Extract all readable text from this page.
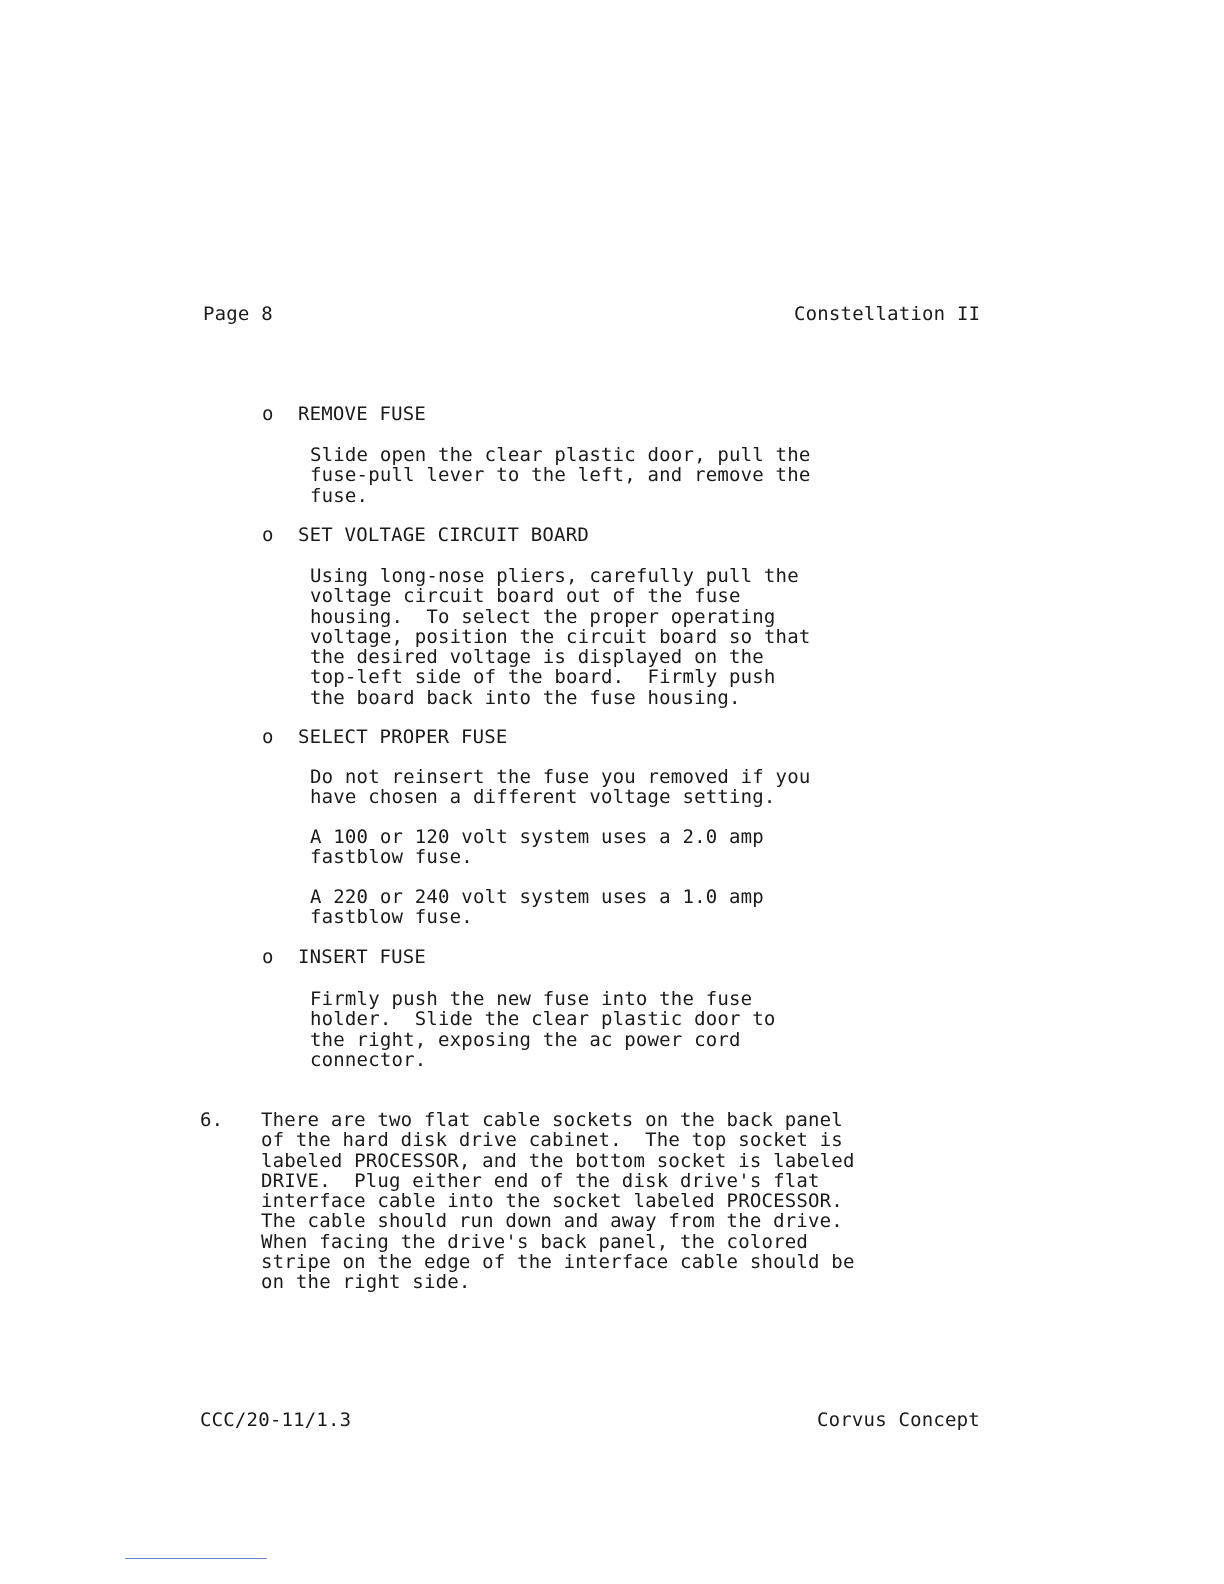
Page 8	Constellation II
o REMOVE FUSE
Slide open the clear plastic door, pull the
fuse-pull lever to the left, and remove the
fuse.
o SET VOLTAGE CIRCUIT BOARD
Using long-nose pliers, carefully pull the
voltage circuit board out of the fuse
housing.  To select the proper operating
voltage, position the circuit board so that
the desired voltage is displayed on the
top-left side of the board.  Firmly push
the board back into the fuse housing.
o SELECT PROPER FUSE
Do not reinsert the fuse you removed if you
have chosen a different voltage setting.
A 100 or 120 volt system uses a 2.0 amp
fastblow fuse.
A 220 or 240 volt system uses a 1.0 amp
fastblow fuse.
o INSERT FUSE
Firmly push the new fuse into the fuse
holder.  Slide the clear plastic door to
the right, exposing the ac power cord
connector.
6. There are two flat cable sockets on the back panel
of the hard disk drive cabinet.  The top socket is
labeled PROCESSOR, and the bottom socket is labeled
DRIVE.  Plug either end of the disk drive's flat
interface cable into the socket labeled PROCESSOR.
The cable should run down and away from the drive.
When facing the drive's back panel, the colored
stripe on the edge of the interface cable should be
on the right side.
CCC/20-11/1.3	Corvus Concept
